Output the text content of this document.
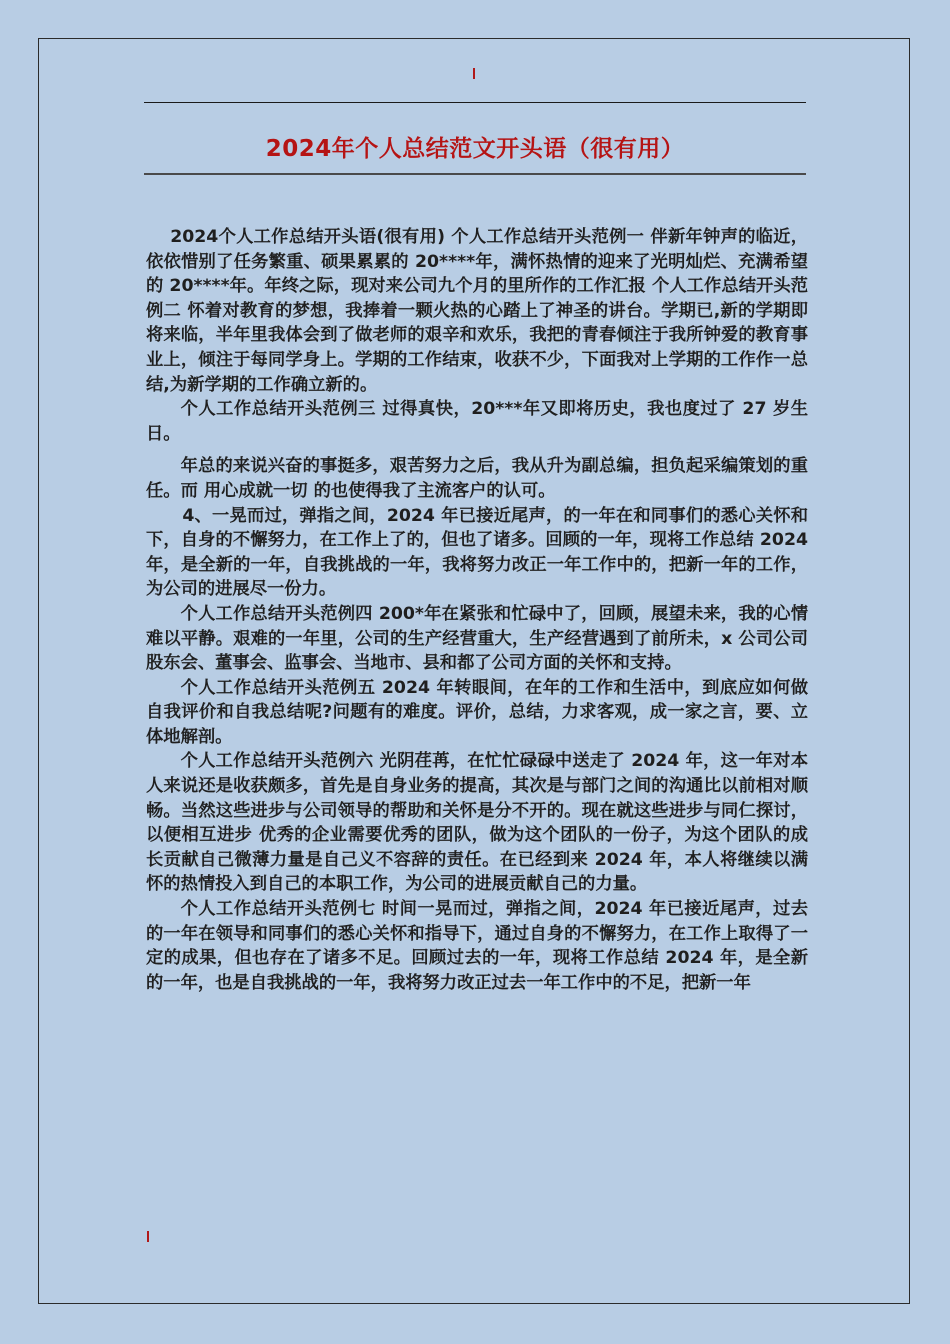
2024年个人总结范文开头语（很有用）

2024个人工作总结开头语(很有用) 个人工作总结开头范例一 伴新年钟声的临近，依依惜别了任务繁重、硕果累累的 20****年，满怀热情的迎来了光明灿烂、充满希望的 20****年。年终之际，现对来公司九个月的里所作的工作汇报 个人工作总结开头范例二 怀着对教育的梦想，我捧着一颗火热的心踏上了神圣的讲台。学期已,新的学期即将来临，半年里我体会到了做老师的艰辛和欢乐，我把的青春倾注于我所钟爱的教育事业上，倾注于每同学身上。学期的工作结束，收获不少，下面我对上学期的工作作一总结,为新学期的工作确立新的。

个人工作总结开头范例三 过得真快，20***年又即将历史，我也度过了 27 岁生日。

年总的来说兴奋的事挺多，艰苦努力之后，我从升为副总编，担负起采编策划的重任。而 用心成就一切 的也使得我了主流客户的认可。

4、一晃而过，弹指之间，2024 年已接近尾声，的一年在和同事们的悉心关怀和下，自身的不懈努力，在工作上了的，但也了诸多。回顾的一年，现将工作总结 2024 年，是全新的一年，自我挑战的一年，我将努力改正一年工作中的，把新一年的工作，为公司的进展尽一份力。

个人工作总结开头范例四 200*年在紧张和忙碌中了，回顾，展望未来，我的心情难以平静。艰难的一年里，公司的生产经营重大，生产经营遇到了前所未，x 公司公司股东会、董事会、监事会、当地市、县和都了公司方面的关怀和支持。

个人工作总结开头范例五 2024 年转眼间，在年的工作和生活中，到底应如何做自我评价和自我总结呢?问题有的难度。评价，总结，力求客观，成一家之言，要、立体地解剖。

个人工作总结开头范例六 光阴荏苒，在忙忙碌碌中送走了 2024 年，这一年对本人来说还是收获颇多，首先是自身业务的提高，其次是与部门之间的沟通比以前相对顺畅。当然这些进步与公司领导的帮助和关怀是分不开的。现在就这些进步与同仁探讨，以便相互进步 优秀的企业需要优秀的团队，做为这个团队的一份子，为这个团队的成长贡献自己微薄力量是自己义不容辞的责任。在已经到来 2024 年，本人将继续以满怀的热情投入到自己的本职工作，为公司的进展贡献自己的力量。

个人工作总结开头范例七 时间一晃而过，弹指之间，2024 年已接近尾声，过去的一年在领导和同事们的悉心关怀和指导下，通过自身的不懈努力，在工作上取得了一定的成果，但也存在了诸多不足。回顾过去的一年，现将工作总结 2024 年，是全新的一年，也是自我挑战的一年，我将努力改正过去一年工作中的不足，把新一年
